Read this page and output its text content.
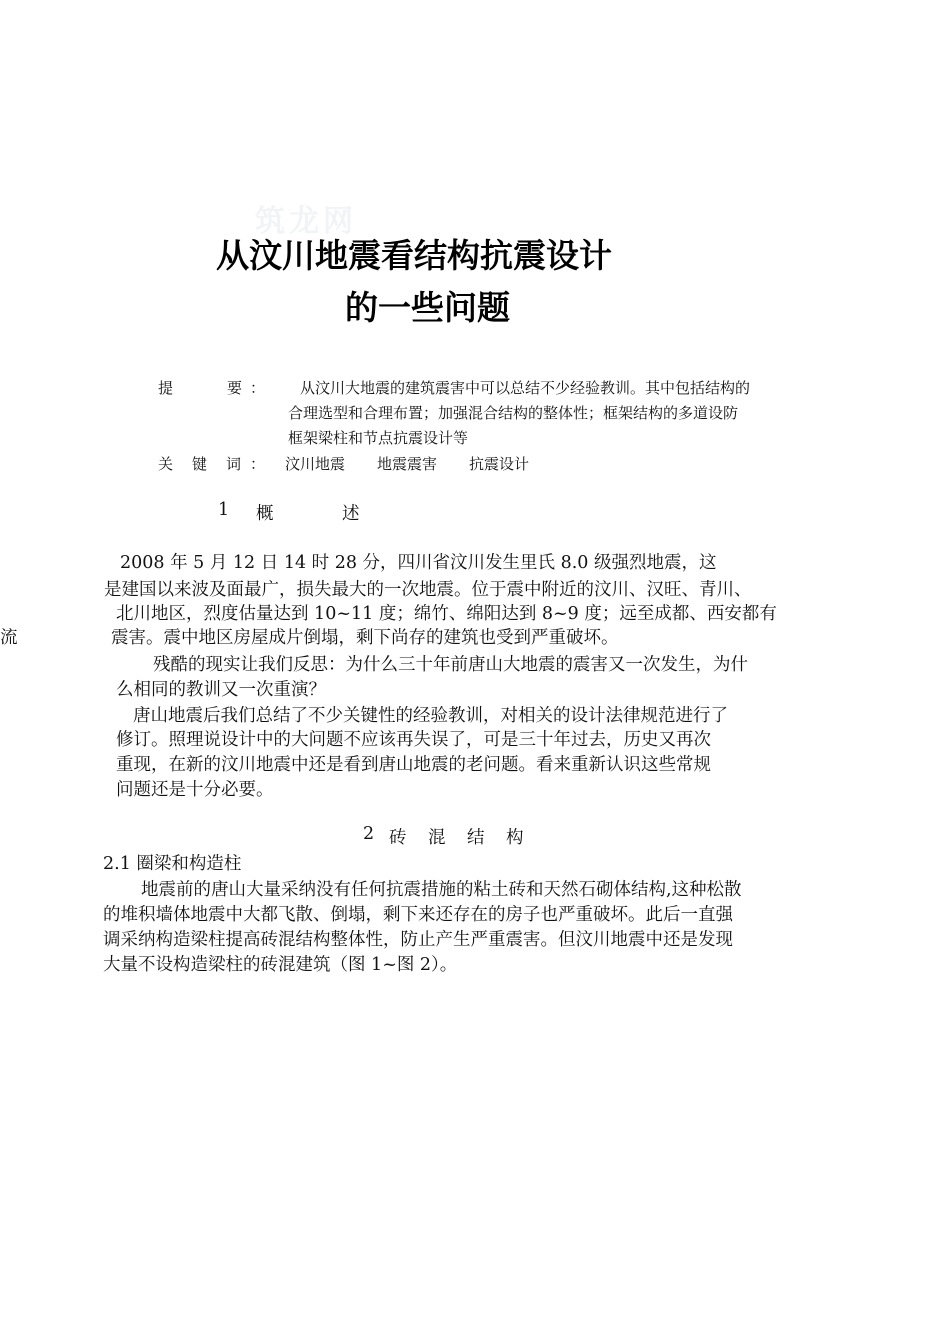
筑龙网
从汶川地震看结构抗震设计
的一些问题
提	要 ： 从汶川大地震的建筑震害中可以总结不少经验教训。其中包括结构的
合理选型和合理布置；加强混合结构的整体性；框架结构的多道设防
框架梁柱和节点抗震设计等
关 键 词 ： 汶川地震 地震震害 抗震设计
1 概	述
2008 年 5 月 12 日 14 时 28 分，四川省汶川发生里氏 8.0 级强烈地震，这
是建国以来波及面最广，损失最大的一次地震。位于震中附近的汶川、汉旺、青川、
北川地区，烈度估量达到 10~11 度；绵竹、绵阳达到 8~9 度；远至成都、西安都有
震害。震中地区房屋成片倒塌，剩下尚存的建筑也受到严重破坏。
流
残酷的现实让我们反思：为什么三十年前唐山大地震的震害又一次发生，为什
么相同的教训又一次重演？
唐山地震后我们总结了不少关键性的经验教训，对相关的设计法律规范进行了
修订。照理说设计中的大问题不应该再失误了，可是三十年过去，历史又再次
重现，在新的汶川地震中还是看到唐山地震的老问题。看来重新认识这些常规
问题还是十分必要。
2 砖 混 结 构
2.1 圈梁和构造柱
地震前的唐山大量采纳没有任何抗震措施的粘土砖和天然石砌体结构,这种松散
的堆积墙体地震中大都飞散、倒塌，剩下来还存在的房子也严重破坏。此后一直强
调采纳构造梁柱提高砖混结构整体性，防止产生严重震害。但汶川地震中还是发现
大量不设构造梁柱的砖混建筑（图 1~图 2）。
